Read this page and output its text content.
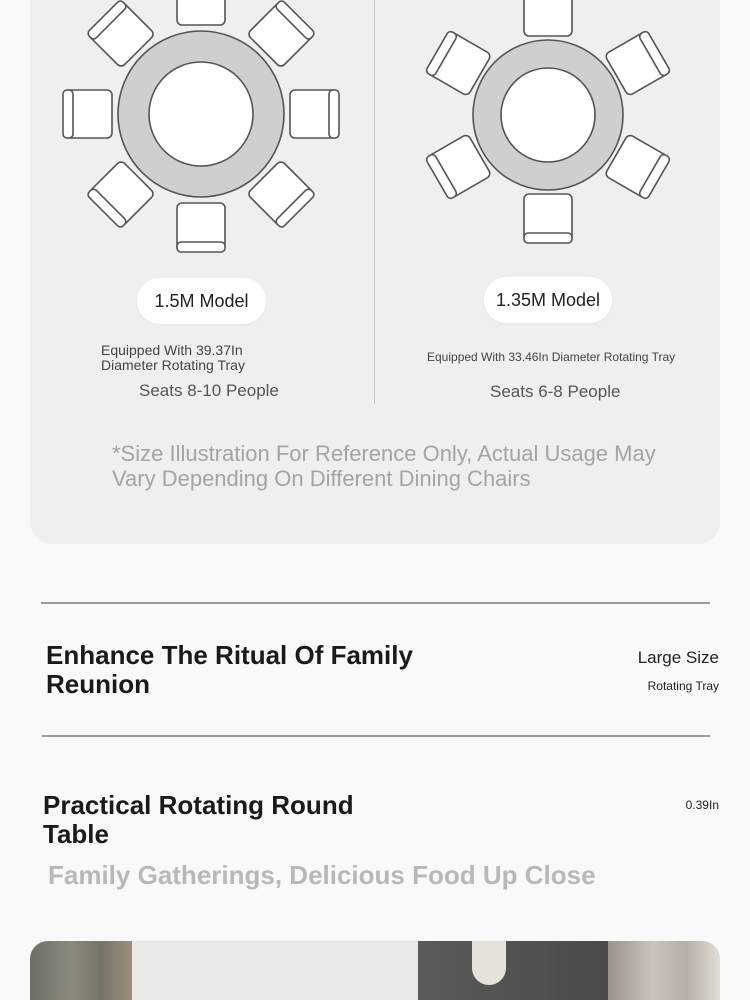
1.5M Model
Equipped With 39.37In
Diameter Rotating Tray
Seats 8-10 People
1.35M Model
Equipped With 33.46In Diameter Rotating Tray
Seats 6-8 People
*Size Illustration For Reference Only, Actual Usage May Vary Depending On Different Dining Chairs
Enhance The Ritual Of Family Reunion
Large Size
Rotating Tray
Practical Rotating Round Table
0.39In
Family Gatherings, Delicious Food Up Close
